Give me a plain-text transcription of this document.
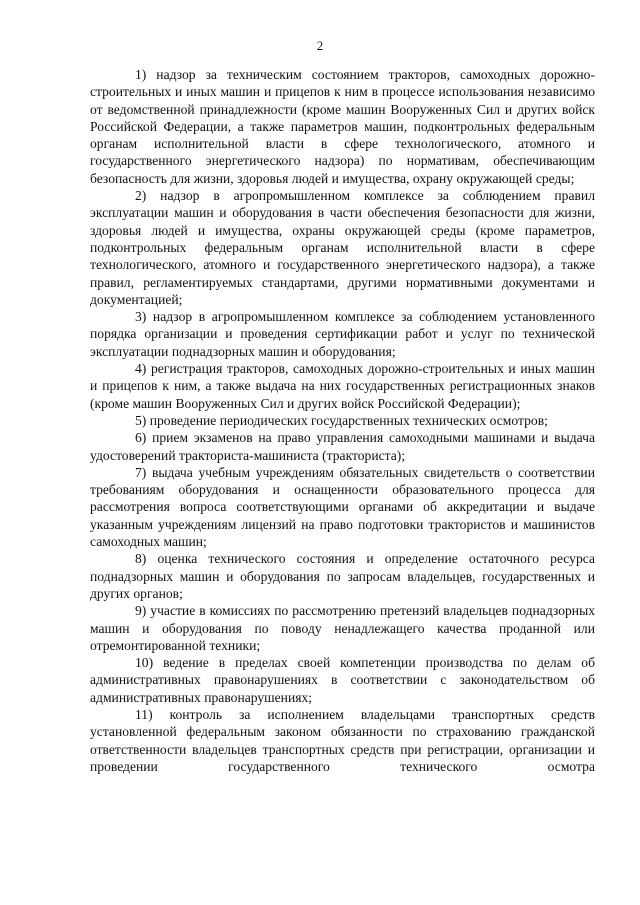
2

1) надзор за техническим состоянием тракторов, самоходных дорожно-строительных и иных машин и прицепов к ним в процессе использования независимо от ведомственной принадлежности (кроме машин Вооруженных Сил и других войск Российской Федерации, а также параметров машин, подконтрольных федеральным органам исполнительной власти в сфере технологического, атомного и государственного энергетического надзора) по нормативам, обеспечивающим безопасность для жизни, здоровья людей и имущества, охрану окружающей среды;

2) надзор в агропромышленном комплексе за соблюдением правил эксплуатации машин и оборудования в части обеспечения безопасности для жизни, здоровья людей и имущества, охраны окружающей среды (кроме параметров, подконтрольных федеральным органам исполнительной власти в сфере технологического, атомного и государственного энергетического надзора), а также правил, регламентируемых стандартами, другими нормативными документами и документацией;

3) надзор в агропромышленном комплексе за соблюдением установленного порядка организации и проведения сертификации работ и услуг по технической эксплуатации поднадзорных машин и оборудования;

4) регистрация тракторов, самоходных дорожно-строительных и иных машин и прицепов к ним, а также выдача на них государственных регистрационных знаков (кроме машин Вооруженных Сил и других войск Российской Федерации);

5) проведение периодических государственных технических осмотров;

6) прием экзаменов на право управления самоходными машинами и выдача удостоверений тракториста-машиниста (тракториста);

7) выдача учебным учреждениям обязательных свидетельств о соответствии требованиям оборудования и оснащенности образовательного процесса для рассмотрения вопроса соответствующими органами об аккредитации и выдаче указанным учреждениям лицензий на право подготовки трактористов и машинистов самоходных машин;

8) оценка технического состояния и определение остаточного ресурса поднадзорных машин и оборудования по запросам владельцев, государственных и других органов;

9) участие в комиссиях по рассмотрению претензий владельцев поднадзорных машин и оборудования по поводу ненадлежащего качества проданной или отремонтированной техники;

10) ведение в пределах своей компетенции производства по делам об административных правонарушениях в соответствии с законодательством об административных правонарушениях;

11) контроль за исполнением владельцами транспортных средств установленной федеральным законом обязанности по страхованию гражданской ответственности владельцев транспортных средств при регистрации, организации и проведении государственного технического осмотра
